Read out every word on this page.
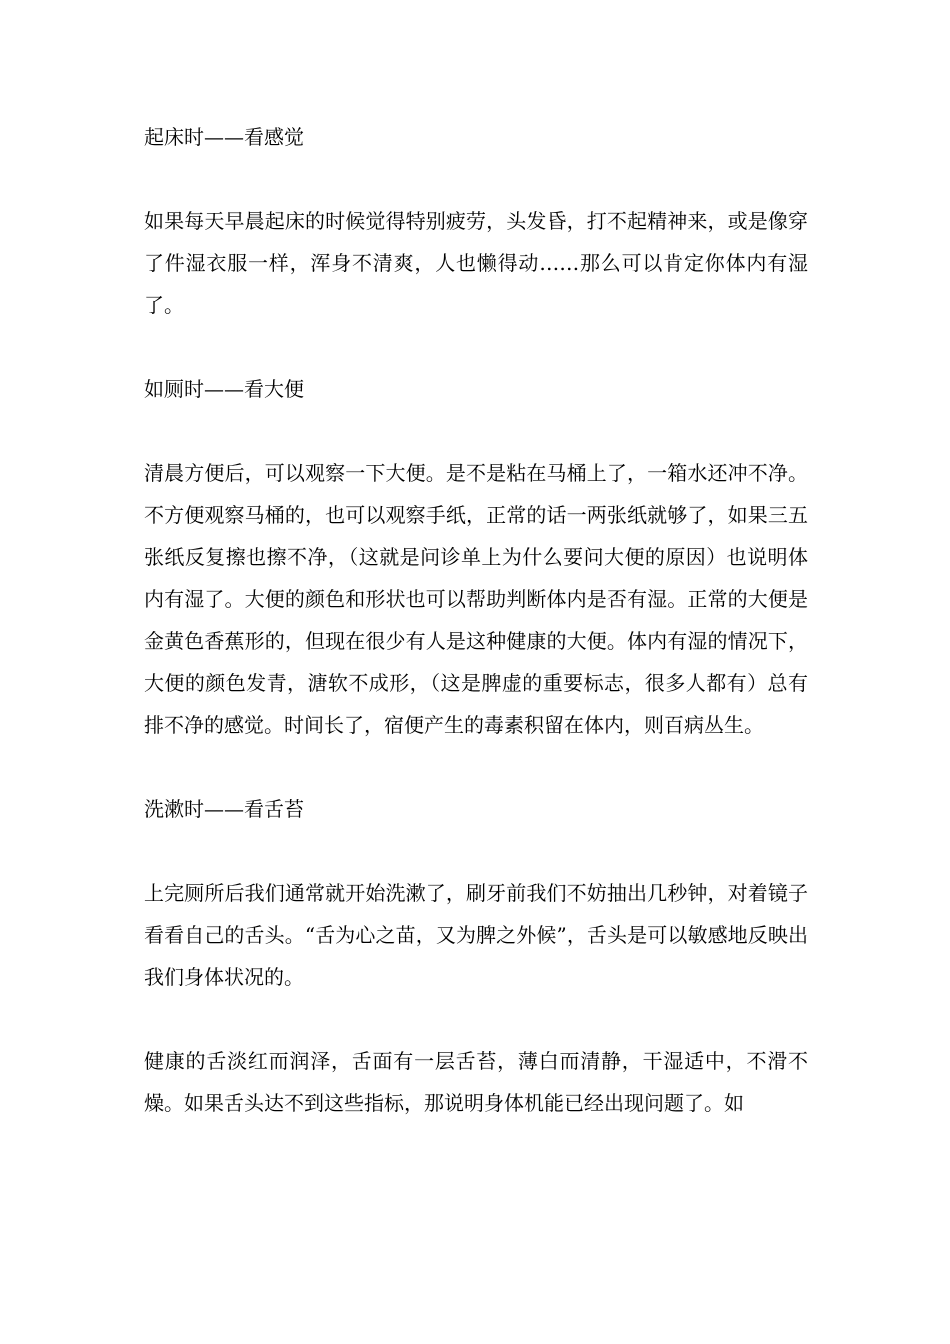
起床时——看感觉

如果每天早晨起床的时候觉得特别疲劳，头发昏，打不起精神来，或是像穿了件湿衣服一样，浑身不清爽，人也懒得动……那么可以肯定你体内有湿了。

如厕时——看大便

清晨方便后，可以观察一下大便。是不是粘在马桶上了，一箱水还冲不净。不方便观察马桶的，也可以观察手纸，正常的话一两张纸就够了，如果三五张纸反复擦也擦不净，（这就是问诊单上为什么要问大便的原因）也说明体内有湿了。大便的颜色和形状也可以帮助判断体内是否有湿。正常的大便是金黄色香蕉形的，但现在很少有人是这种健康的大便。体内有湿的情况下，大便的颜色发青，溏软不成形，（这是脾虚的重要标志，很多人都有）总有排不净的感觉。时间长了，宿便产生的毒素积留在体内，则百病丛生。

洗漱时——看舌苔

上完厕所后我们通常就开始洗漱了，刷牙前我们不妨抽出几秒钟，对着镜子看看自己的舌头。“舌为心之苗，又为脾之外候”，舌头是可以敏感地反映出我们身体状况的。

健康的舌淡红而润泽，舌面有一层舌苔，薄白而清静，干湿适中，不滑不燥。如果舌头达不到这些指标，那说明身体机能已经出现问题了。如
